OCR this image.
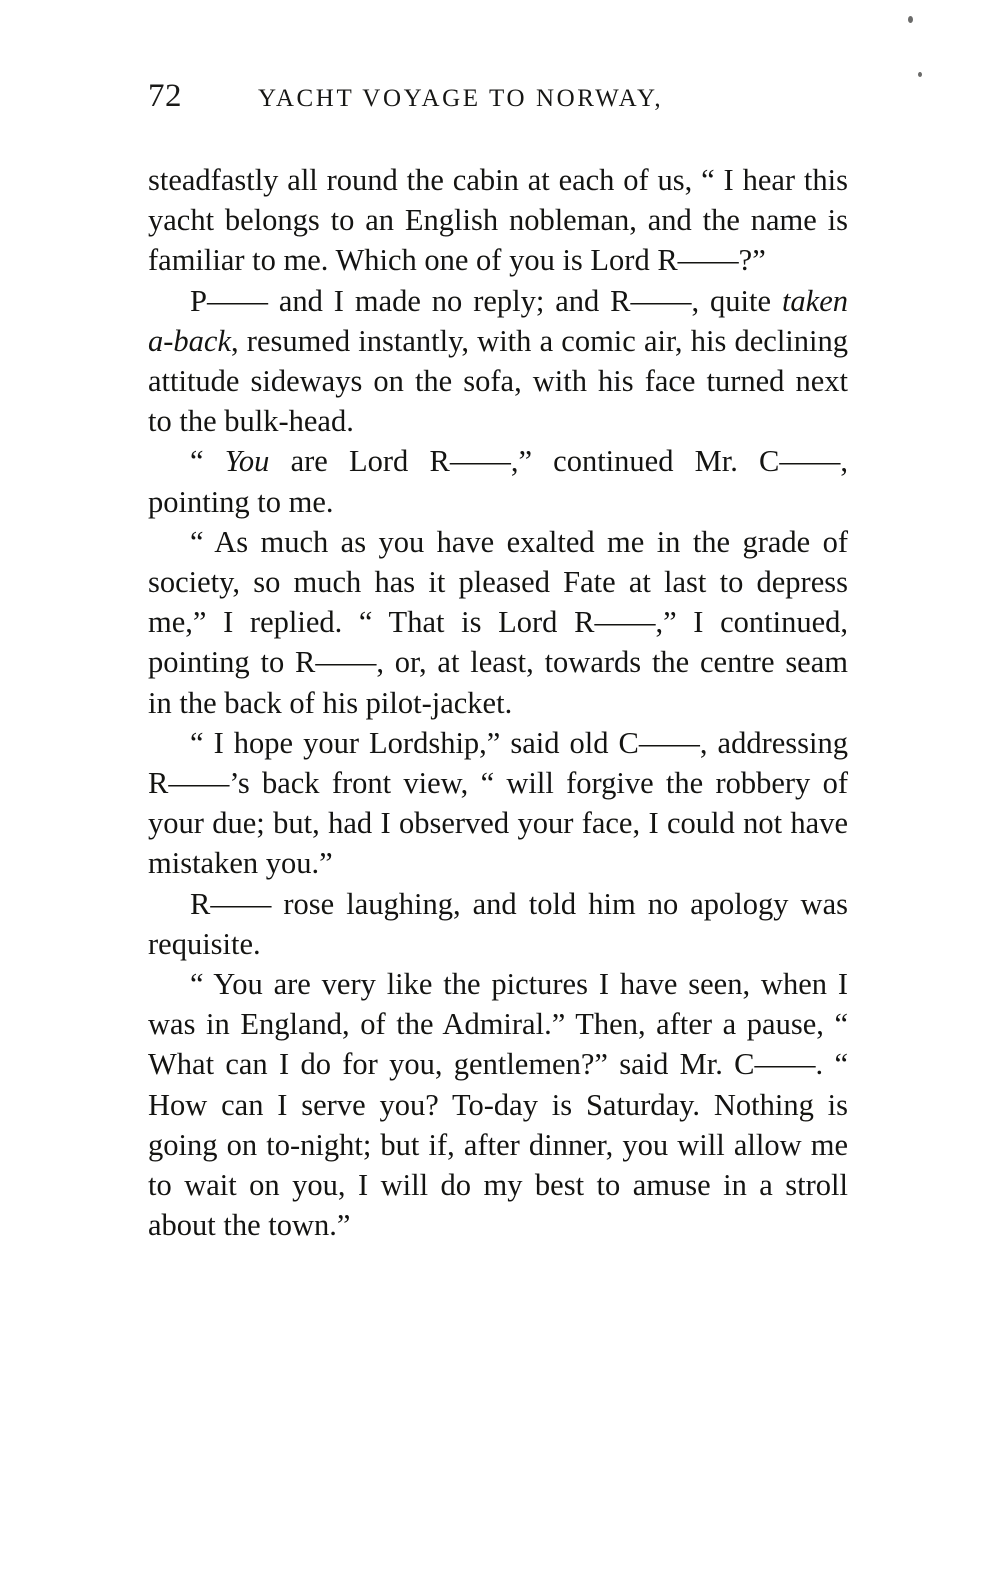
72	YACHT VOYAGE TO NORWAY,

steadfastly all round the cabin at each of us, “ I hear this yacht belongs to an English nobleman, and the name is familiar to me. Which one of you is Lord R——?”

P—— and I made no reply; and R——, quite taken a-back, resumed instantly, with a comic air, his declining attitude sideways on the sofa, with his face turned next to the bulk-head.

“ You are Lord R——,” continued Mr. C——, pointing to me.

“ As much as you have exalted me in the grade of society, so much has it pleased Fate at last to depress me,” I replied. “ That is Lord R——,” I continued, pointing to R——, or, at least, towards the centre seam in the back of his pilot-jacket.

“ I hope your Lordship,” said old C——, addressing R——’s back front view, “ will forgive the robbery of your due; but, had I observed your face, I could not have mistaken you.”

R—— rose laughing, and told him no apology was requisite.

“ You are very like the pictures I have seen, when I was in England, of the Admiral.” Then, after a pause, “ What can I do for you, gentlemen?” said Mr. C——. “ How can I serve you? To-day is Saturday. Nothing is going on to-night; but if, after dinner, you will allow me to wait on you, I will do my best to amuse in a stroll about the town.”
